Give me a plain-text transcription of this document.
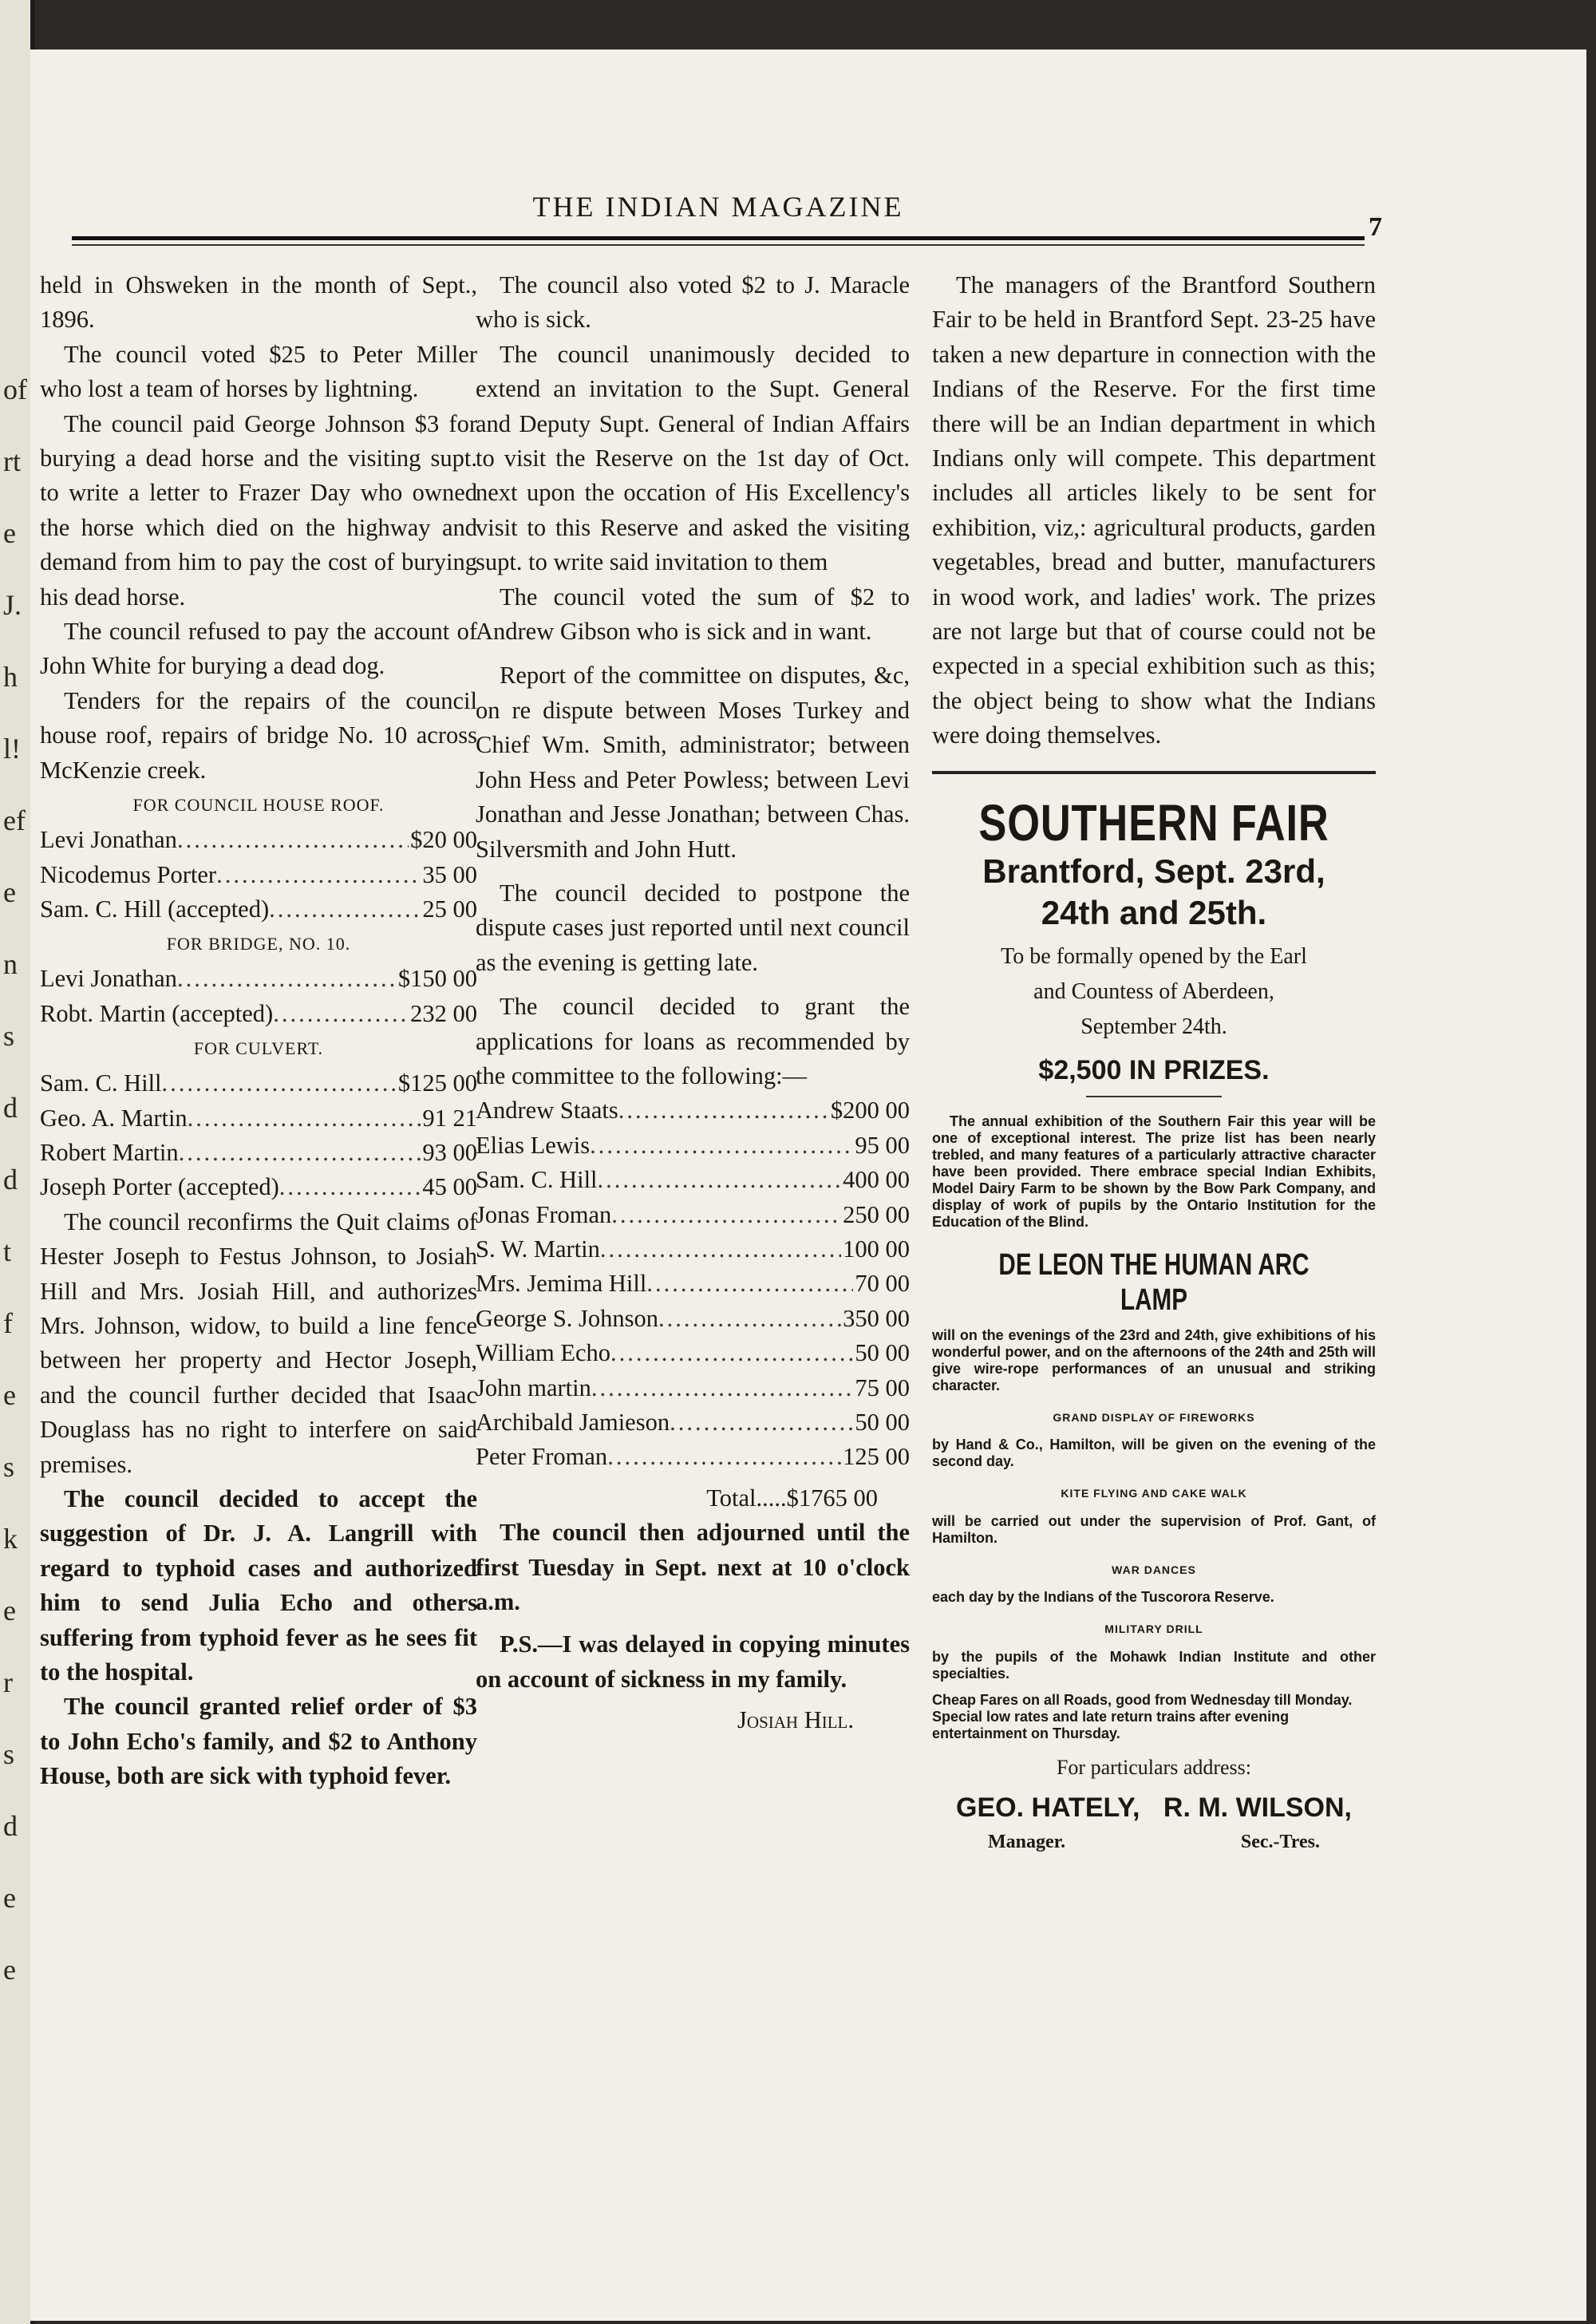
of
rt
e
J.
h
l!
ef
e
n
s
d
d
t
f
e
s
k
e
r
s
d
e
e
THE INDIAN MAGAZINE
7

held in Ohsweken in the month of Sept., 1896.

The council voted $25 to Peter Miller who lost a team of horses by lightning.

The council paid George Johnson $3 for burying a dead horse and the visiting supt. to write a letter to Frazer Day who owned the horse which died on the highway and demand from him to pay the cost of burying his dead horse.

The council refused to pay the account of John White for burying a dead dog.

Tenders for the repairs of the council house roof, repairs of bridge No. 10 across McKenzie creek.

FOR COUNCIL HOUSE ROOF.
Levi Jonathan .....	$20 00
Nicodemus Porter .....	35 00
Sam. C. Hill (accepted) .....	25 00
FOR BRIDGE, NO. 10.
Levi Jonathan .....	$150 00
Robt. Martin (accepted) .....	232 00
FOR CULVERT.
Sam. C. Hill .....	$125 00
Geo. A. Martin .....	91 21
Robert Martin .....	93 00
Joseph Porter (accepted) .....	45 00

The council reconfirms the Quit claims of Hester Joseph to Festus Johnson, to Josiah Hill and Mrs. Josiah Hill, and authorizes Mrs. Johnson, widow, to build a line fence between her property and Hector Joseph, and the council further decided that Isaac Douglass has no right to interfere on said premises.

The council decided to accept the suggestion of Dr. J. A. Langrill with regard to typhoid cases and authorized him to send Julia Echo and others suffering from typhoid fever as he sees fit to the hospital.

The council granted relief order of $3 to John Echo's family, and $2 to Anthony House, both are sick with typhoid fever.

The council also voted $2 to J. Maracle who is sick.

The council unanimously decided to extend an invitation to the Supt. General and Deputy Supt. General of Indian Affairs to visit the Reserve on the 1st day of Oct. next upon the occation of His Excellency's visit to this Reserve and asked the visiting supt. to write said invitation to them

The council voted the sum of $2 to Andrew Gibson who is sick and in want.

Report of the committee on disputes, &c, on re dispute between Moses Turkey and Chief Wm. Smith, administrator; between John Hess and Peter Powless; between Levi Jonathan and Jesse Jonathan; between Chas. Silversmith and John Hutt.

The council decided to postpone the dispute cases just reported until next council as the evening is getting late.

The council decided to grant the applications for loans as recommended by the committee to the following:—

Andrew Staats .....	$200 00
Elias Lewis .....	95 00
Sam. C. Hill .....	400 00
Jonas Froman .....	250 00
S. W. Martin .....	100 00
Mrs. Jemima Hill .....	70 00
George S. Johnson .....	350 00
William Echo .....	50 00
John martin .....	75 00
Archibald Jamieson .....	50 00
Peter Froman .....	125 00
Total.....$1765 00

The council then adjourned until the first Tuesday in Sept. next at 10 o'clock a.m.

P.S.—I was delayed in copying minutes on account of sickness in my family.

Josiah Hill.

The managers of the Brantford Southern Fair to be held in Brantford Sept. 23-25 have taken a new departure in connection with the Indians of the Reserve. For the first time there will be an Indian department in which Indians only will compete. This department includes all articles likely to be sent for exhibition, viz,: agricultural products, garden vegetables, bread and butter, manufacturers in wood work, and ladies' work. The prizes are not large but that of course could not be expected in a special exhibition such as this; the object being to show what the Indians were doing themselves.

SOUTHERN FAIR
Brantford, Sept. 23rd,
24th and 25th.
To be formally opened by the Earl
and Countess of Aberdeen,
September 24th.
$2,500 IN PRIZES.
The annual exhibition of the Southern Fair this year will be one of exceptional interest. The prize list has been nearly trebled, and many features of a particularly attractive character have been provided. There embrace special Indian Exhibits, Model Dairy Farm to be shown by the Bow Park Company, and display of work of pupils by the Ontario Institution for the Education of the Blind.
DE LEON THE HUMAN ARC LAMP
will on the evenings of the 23rd and 24th, give exhibitions of his wonderful power, and on the afternoons of the 24th and 25th will give wire-rope performances of an unusual and striking character.
GRAND DISPLAY OF FIREWORKS
by Hand & Co., Hamilton, will be given on the evening of the second day.
KITE FLYING AND CAKE WALK
will be carried out under the supervision of Prof. Gant, of Hamilton.
WAR DANCES
each day by the Indians of the Tuscorora Reserve.
MILITARY DRILL
by the pupils of the Mohawk Indian Institute and other specialties.
Cheap Fares on all Roads, good from Wednesday till Monday. Special low rates and late return trains after evening entertainment on Thursday.
For particulars address:
GEO. HATELY, R. M. WILSON,
Manager.	Sec.-Tres.
